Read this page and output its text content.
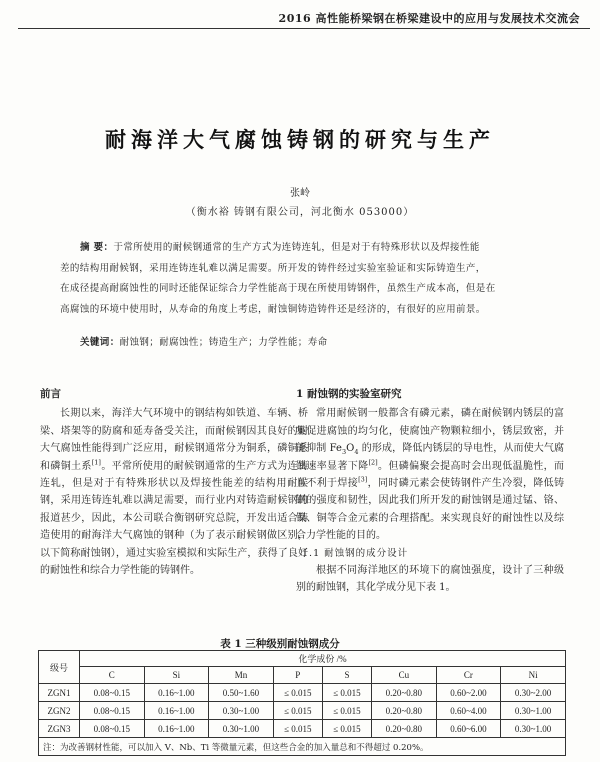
2016 高性能桥梁钢在桥梁建设中的应用与发展技术交流会
耐海洋大气腐蚀铸钢的研究与生产
张岭
（衡水裕 铸钢有限公司，河北衡水 053000）
摘 要：于常所使用的耐候钢通常的生产方式为连铸连轧，但是对于有特殊形状以及焊接性能
差的结构用耐候钢，采用连铸连轧难以满足需要。所开发的铸件经过实验室验证和实际铸造生产，
在成径提高耐腐蚀性的同时还能保证综合力学性能高于现在所使用铸钢件，虽然生产成本高，但是在
高腐蚀的环境中使用时，从寿命的角度上考虑，耐蚀铜铸造铸件还是经济的，有很好的应用前景。
关键词：耐蚀钢；耐腐蚀性；铸造生产；力学性能；寿命
前言

长期以来，海洋大气环境中的钢结构如铁道、车辆、桥梁、塔架等的防腐和延寿备受关注，而耐候钢因其良好的耐大气腐蚀性能得到广泛应用，耐候钢通常分为铜系，磷铜系和磷铜土系[1]。平常所使用的耐候钢通常的生产方式为连铸连轧，但是对于有特殊形状以及焊接性能差的结构用耐候钢，采用连铸连轧难以满足需要，而行业内对铸造耐候钢的报道甚少，因此，本公司联合衡钢研究总院，开发出适合铸造使用的耐海洋大气腐蚀的钢种（为了表示耐候钢做区别，以下简称耐蚀钢），通过实验室模拟和实际生产，获得了良好的耐蚀性和综合力学性能的铸钢件。

1 耐蚀钢的实验室研究

常用耐候钢一般都含有磷元素，磷在耐候钢内锈层的富集促进腐蚀的均匀化，使腐蚀产物颗粒细小，锈层致密，并能抑制 $Fe_3O_4$ 的形成，降低内锈层的导电性，从而使大气腐蚀速率显著下降[2]。但磷偏聚会提高时会出现低温脆性，而且不利于焊接[3]，同时磷元素会使铸钢件产生冷裂，降低铸钢的强度和韧性，因此我们所开发的耐蚀钢是通过锰、铬、镍、铜等合金元素的合理搭配。来实现良好的耐蚀性以及综合力学性能的目的。

1.1 耐蚀钢的成分设计

根据不同海洋地区的环境下的腐蚀强度，设计了三种级别的耐蚀钢，其化学成分见下表 1。

表 1 三种级别耐蚀钢成分
级号	化学成份 /%							
	C	Si	Mn	P	S	Cu	Cr	Ni
ZGN1	0.08~0.15	0.16~1.00	0.50~1.60	≤ 0.015	≤ 0.015	0.20~0.80	0.60~2.00	0.30~2.00
ZGN2	0.08~0.15	0.16~1.00	0.30~1.00	≤ 0.015	≤ 0.015	0.20~0.80	0.60~4.00	0.30~1.00
ZGN3	0.08~0.15	0.16~1.00	0.30~1.00	≤ 0.015	≤ 0.015	0.20~0.80	0.60~6.00	0.30~1.00
注：为改善钢材性能，可以加入 V、Nb、Ti 等微量元素，但这些合金的加入量总和不得超过 0.20%。								
